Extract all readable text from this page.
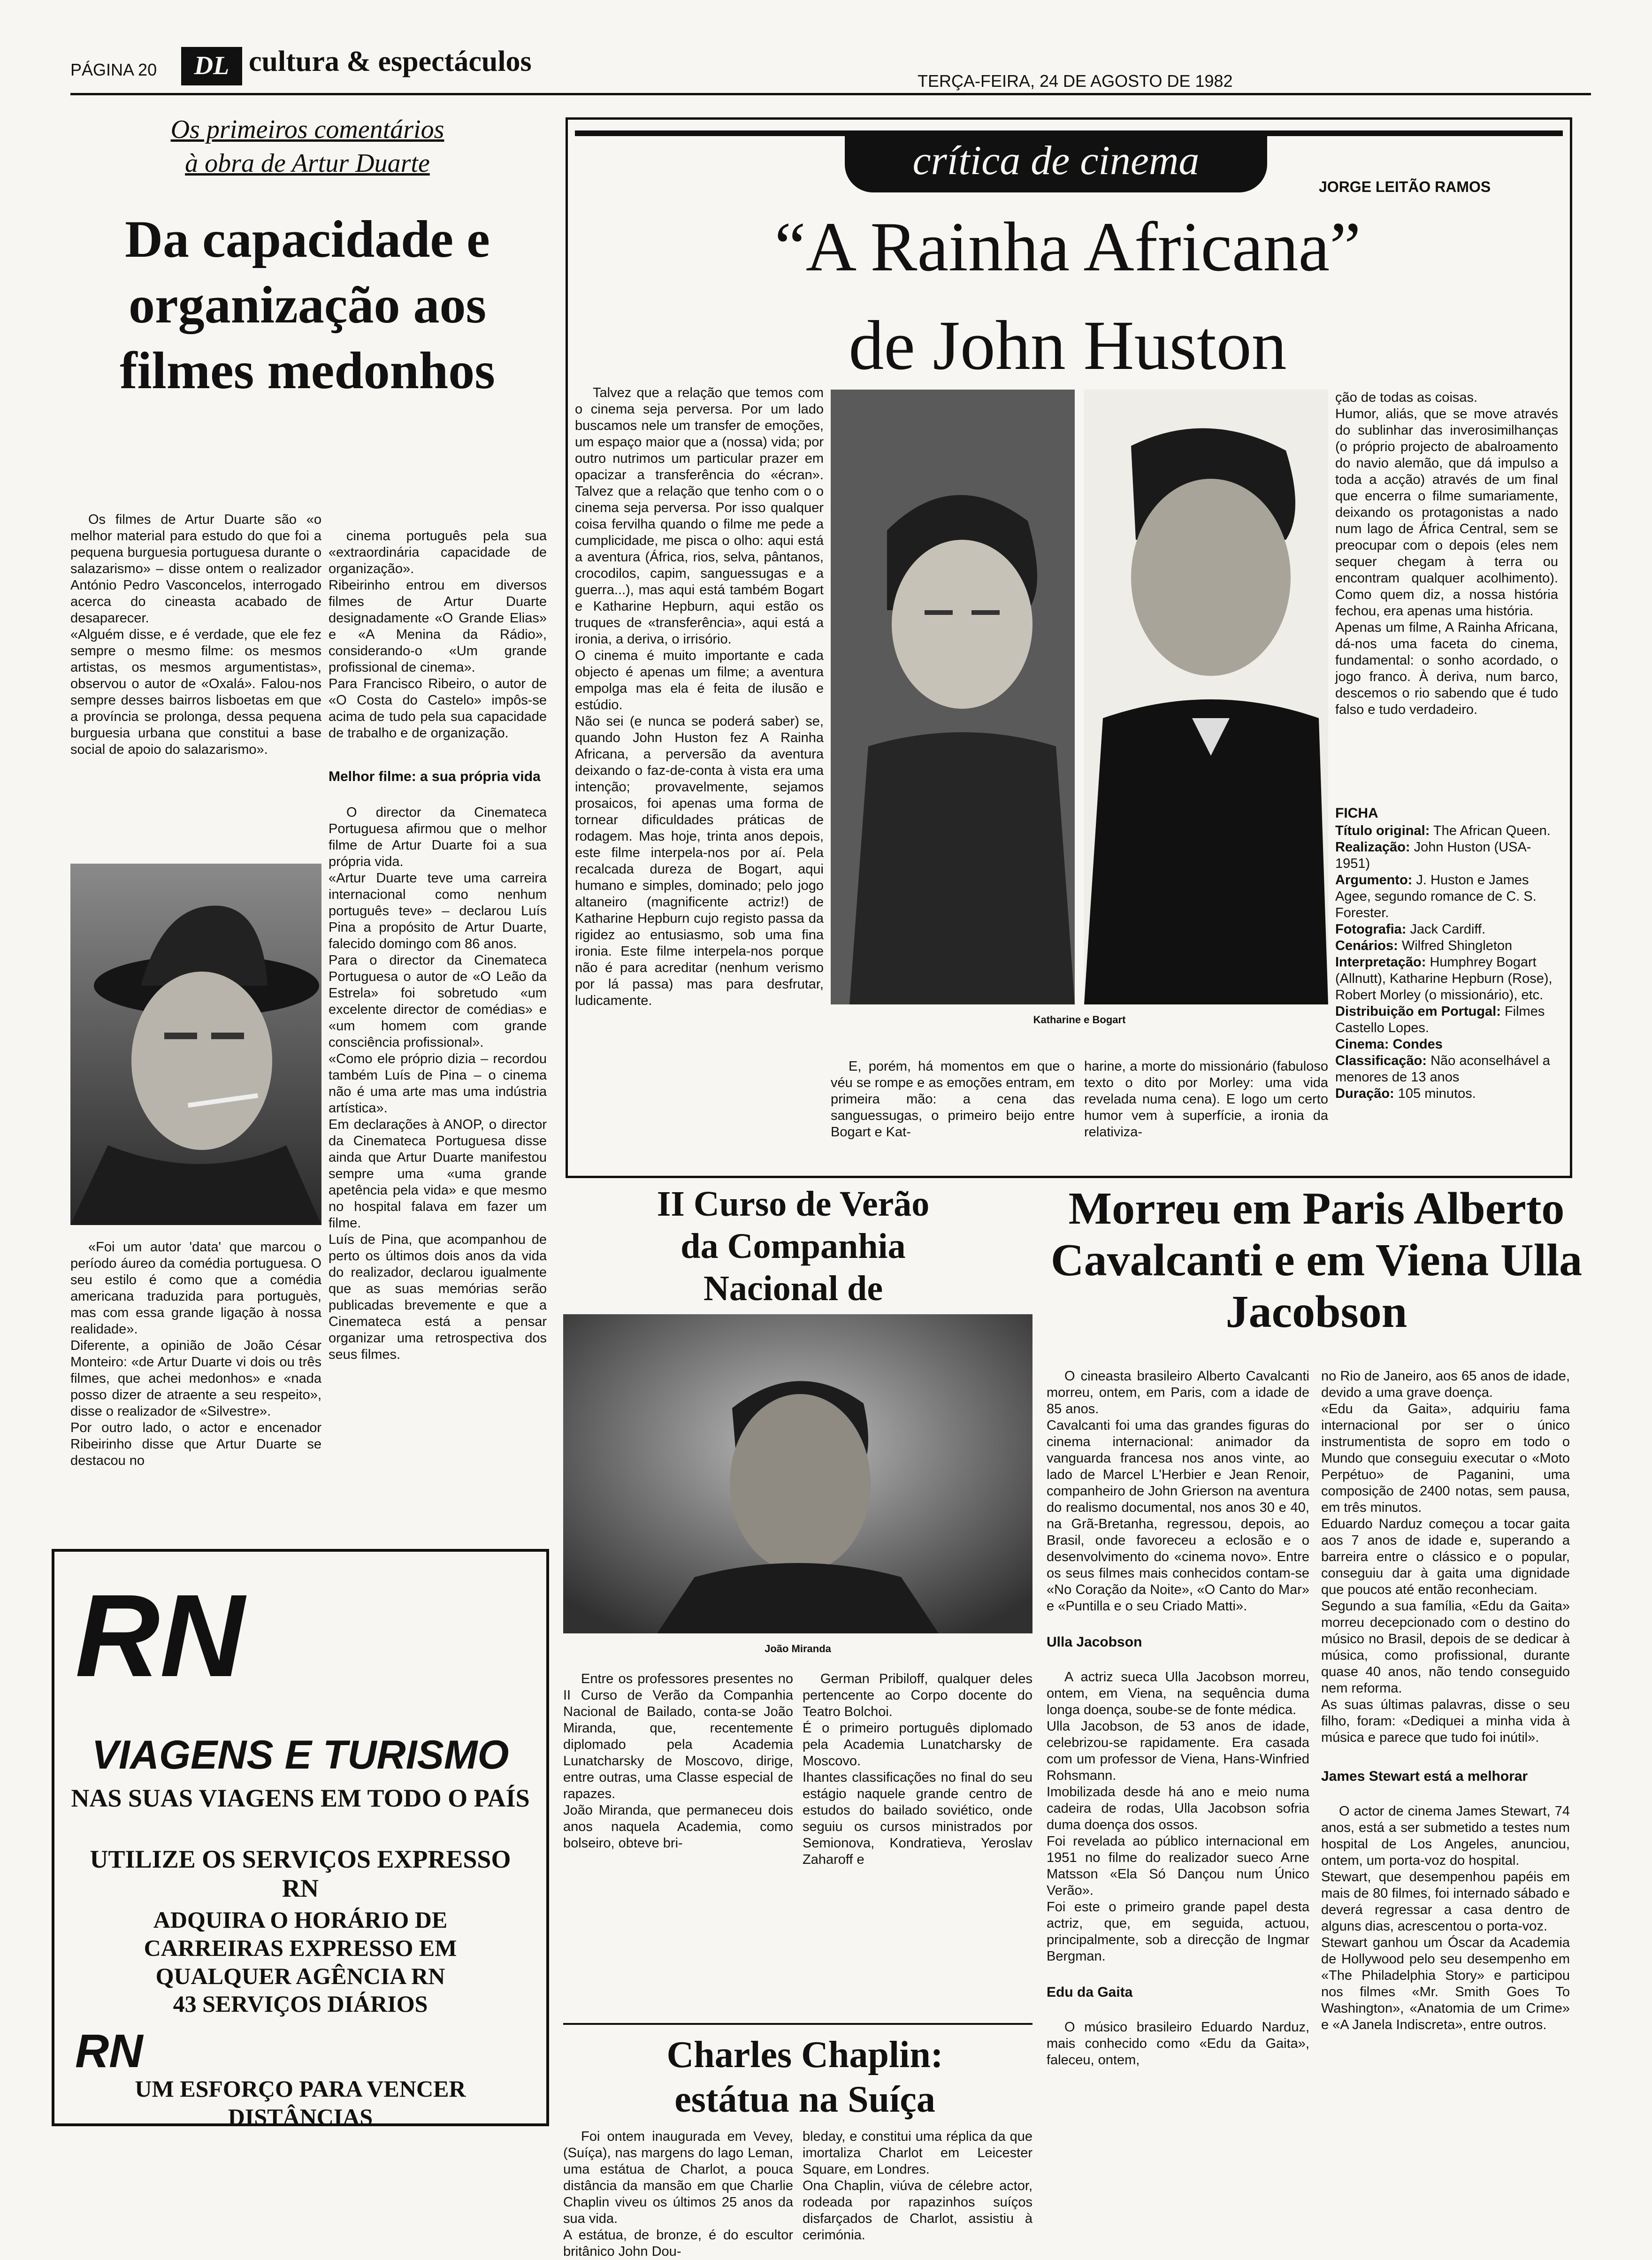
PÁGINA 20	DL cultura & espectáculos
TERÇA-FEIRA, 24 DE AGOSTO DE 1982
Os primeiros comentários
à obra de Artur Duarte
Da capacidade e organização aos filmes medonhos

Os filmes de Artur Duarte são «o melhor material para estudo do que foi a pequena burguesia portuguesa durante o salazarismo» – disse ontem o realizador António Pedro Vasconcelos, interrogado acerca do cineasta acabado de desaparecer.
«Alguém disse, e é verdade, que ele fez sempre o mesmo filme: os mesmos artistas, os mesmos argumentistas», observou o autor de «Oxalá». Falou-nos sempre desses bairros lisboetas em que a província se prolonga, dessa pequena burguesia urbana que constitui a base social de apoio do salazarismo».

«Foi um autor 'data' que marcou o período áureo da comédia portuguesa. O seu estilo é como que a comédia americana traduzida para portuguès, mas com essa grande ligação à nossa realidade».
Diferente, a opinião de João César Monteiro: «de Artur Duarte vi dois ou três filmes, que achei medonhos» e «nada posso dizer de atraente a seu respeito», disse o realizador de «Silvestre».
Por outro lado, o actor e encenador Ribeirinho disse que Artur Duarte se destacou no

cinema português pela sua «extraordinária capacidade de organização».
Ribeirinho entrou em diversos filmes de Artur Duarte designadamente «O Grande Elias» e «A Menina da Rádio», considerando-o «Um grande profissional de cinema».
Para Francisco Ribeiro, o autor de «O Costa do Castelo» impôs-se acima de tudo pela sua capacidade de trabalho e de organização.

Melhor filme: a sua própria vida

O director da Cinemateca Portuguesa afirmou que o melhor filme de Artur Duarte foi a sua própria vida.
«Artur Duarte teve uma carreira internacional como nenhum português teve» – declarou Luís Pina a propósito de Artur Duarte, falecido domingo com 86 anos.
Para o director da Cinemateca Portuguesa o autor de «O Leão da Estrela» foi sobretudo «um excelente director de comédias» e «um homem com grande consciência profissional».
«Como ele próprio dizia – recordou também Luís de Pina – o cinema não é uma arte mas uma indústria artística».
Em declarações à ANOP, o director da Cinemateca Portuguesa disse ainda que Artur Duarte manifestou sempre uma «uma grande apetência pela vida» e que mesmo no hospital falava em fazer um filme.
Luís de Pina, que acompanhou de perto os últimos dois anos da vida do realizador, declarou igualmente que as suas memórias serão publicadas brevemente e que a Cinemateca está a pensar organizar uma retrospectiva dos seus filmes.

RN
VIAGENS E TURISMO
NAS SUAS VIAGENS EM TODO O PAÍS
UTILIZE OS SERVIÇOS EXPRESSO RN
ADQUIRA O HORÁRIO DE CARREIRAS EXPRESSO EM QUALQUER AGÊNCIA RN
43 SERVIÇOS DIÁRIOS
RN
UM ESFORÇO PARA VENCER DISTÂNCIAS
crítica de cinema
JORGE LEITÃO RAMOS
“A Rainha Africana”
de John Huston

Talvez que a relação que temos com o cinema seja perversa. Por um lado buscamos nele um transfer de emoções, um espaço maior que a (nossa) vida; por outro nutrimos um particular prazer em opacizar a transferência do «écran». Talvez que a relação que tenho com o o cinema seja perversa. Por isso qualquer coisa fervilha quando o filme me pede a cumplicidade, me pisca o olho: aqui está a aventura (África, rios, selva, pântanos, crocodilos, capim, sanguessugas e a guerra...), mas aqui está também Bogart e Katharine Hepburn, aqui estão os truques de «transferência», aqui está a ironia, a deriva, o irrisório.
O cinema é muito importante e cada objecto é apenas um filme; a aventura empolga mas ela é feita de ilusão e estúdio.
Não sei (e nunca se poderá saber) se, quando John Huston fez A Rainha Africana, a perversão da aventura deixando o faz-de-conta à vista era uma intenção; provavelmente, sejamos prosaicos, foi apenas uma forma de tornear dificuldades práticas de rodagem. Mas hoje, trinta anos depois, este filme interpela-nos por aí. Pela recalcada dureza de Bogart, aqui humano e simples, dominado; pelo jogo altaneiro (magnificente actriz!) de Katharine Hepburn cujo registo passa da rigidez ao entusiasmo, sob uma fina ironia. Este filme interpela-nos porque não é para acreditar (nenhum verismo por lá passa) mas para desfrutar, ludicamente.

Katharine e Bogart

E, porém, há momentos em que o véu se rompe e as emoções entram, em primeira mão: a cena das sanguessugas, o primeiro beijo entre Bogart e Kat-

harine, a morte do missionário (fabuloso texto o dito por Morley: uma vida revelada numa cena). E logo um certo humor vem à superfície, a ironia da relativiza-

ção de todas as coisas.
Humor, aliás, que se move através do sublinhar das inverosimilhanças (o próprio projecto de abalroamento do navio alemão, que dá impulso a toda a acção) através de um final que encerra o filme sumariamente, deixando os protagonistas a nado num lago de África Central, sem se preocupar com o depois (eles nem sequer chegam à terra ou encontram qualquer acolhimento). Como quem diz, a nossa história fechou, era apenas uma história.
Apenas um filme, A Rainha Africana, dá-nos uma faceta do cinema, fundamental: o sonho acordado, o jogo franco. À deriva, num barco, descemos o rio sabendo que é tudo falso e tudo verdadeiro.

FICHA
Título original: The African Queen.
Realização: John Huston (USA-1951)
Argumento: J. Huston e James Agee, segundo romance de C. S. Forester.
Fotografia: Jack Cardiff.
Cenários: Wilfred Shingleton
Interpretação: Humphrey Bogart (Allnutt), Katharine Hepburn (Rose), Robert Morley (o missionário), etc.
Distribuição em Portugal: Filmes Castello Lopes.
Cinema: Condes
Classificação: Não aconselhável a menores de 13 anos
Duração: 105 minutos.
II Curso de Verão da Companhia Nacional de
João Miranda

Entre os professores presentes no II Curso de Verão da Companhia Nacional de Bailado, conta-se João Miranda, que, recentemente diplomado pela Academia Lunatcharsky de Moscovo, dirige, entre outras, uma Classe especial de rapazes.
João Miranda, que permaneceu dois anos naquela Academia, como bolseiro, obteve bri-

German Pribiloff, qualquer deles pertencente ao Corpo docente do Teatro Bolchoi.
É o primeiro português diplomado pela Academia Lunatcharsky de Moscovo.
Ihantes classificações no final do seu estágio naquele grande centro de estudos do bailado soviético, onde seguiu os cursos ministrados por Semionova, Kondratieva, Yeroslav Zaharoff e

Charles Chaplin:
estátua na Suíça

Foi ontem inaugurada em Vevey, (Suíça), nas margens do lago Leman, uma estátua de Charlot, a pouca distância da mansão em que Charlie Chaplin viveu os últimos 25 anos da sua vida.
A estátua, de bronze, é do escultor britânico John Dou-

bleday, e constitui uma réplica da que imortaliza Charlot em Leicester Square, em Londres.
Ona Chaplin, viúva de célebre actor, rodeada por rapazinhos suíços disfarçados de Charlot, assistiu à cerimónia.

Morreu em Paris Alberto Cavalcanti e em Viena Ulla Jacobson

O cineasta brasileiro Alberto Cavalcanti morreu, ontem, em Paris, com a idade de 85 anos.
Cavalcanti foi uma das grandes figuras do cinema internacional: animador da vanguarda francesa nos anos vinte, ao lado de Marcel L'Herbier e Jean Renoir, companheiro de John Grierson na aventura do realismo documental, nos anos 30 e 40, na Grã-Bretanha, regressou, depois, ao Brasil, onde favoreceu a eclosão e o desenvolvimento do «cinema novo». Entre os seus filmes mais conhecidos contam-se «No Coração da Noite», «O Canto do Mar» e «Puntilla e o seu Criado Matti».

Ulla Jacobson

A actriz sueca Ulla Jacobson morreu, ontem, em Viena, na sequência duma longa doença, soube-se de fonte médica.
Ulla Jacobson, de 53 anos de idade, celebrizou-se rapidamente. Era casada com um professor de Viena, Hans-Winfried Rohsmann.
Imobilizada desde há ano e meio numa cadeira de rodas, Ulla Jacobson sofria duma doença dos ossos.
Foi revelada ao público internacional em 1951 no filme do realizador sueco Arne Matsson «Ela Só Dançou num Único Verão».
Foi este o primeiro grande papel desta actriz, que, em seguida, actuou, principalmente, sob a direcção de Ingmar Bergman.

Edu da Gaita

O músico brasileiro Eduardo Narduz, mais conhecido como «Edu da Gaita», faleceu, ontem,

no Rio de Janeiro, aos 65 anos de idade, devido a uma grave doença.
«Edu da Gaita», adquiriu fama internacional por ser o único instrumentista de sopro em todo o Mundo que conseguiu executar o «Moto Perpétuo» de Paganini, uma composição de 2400 notas, sem pausa, em três minutos.
Eduardo Narduz começou a tocar gaita aos 7 anos de idade e, superando a barreira entre o clássico e o popular, conseguiu dar à gaita uma dignidade que poucos até então reconheciam.
Segundo a sua família, «Edu da Gaita» morreu decepcionado com o destino do músico no Brasil, depois de se dedicar à música, como profissional, durante quase 40 anos, não tendo conseguido nem reforma.
As suas últimas palavras, disse o seu filho, foram: «Dediquei a minha vida à música e parece que tudo foi inútil».

James Stewart está a melhorar

O actor de cinema James Stewart, 74 anos, está a ser submetido a testes num hospital de Los Angeles, anunciou, ontem, um porta-voz do hospital.
Stewart, que desempenhou papéis em mais de 80 filmes, foi internado sábado e deverá regressar a casa dentro de alguns dias, acrescentou o porta-voz.
Stewart ganhou um Óscar da Academia de Hollywood pelo seu desempenho em «The Philadelphia Story» e participou nos filmes «Mr. Smith Goes To Washington», «Anatomia de um Crime» e «A Janela Indiscreta», entre outros.
